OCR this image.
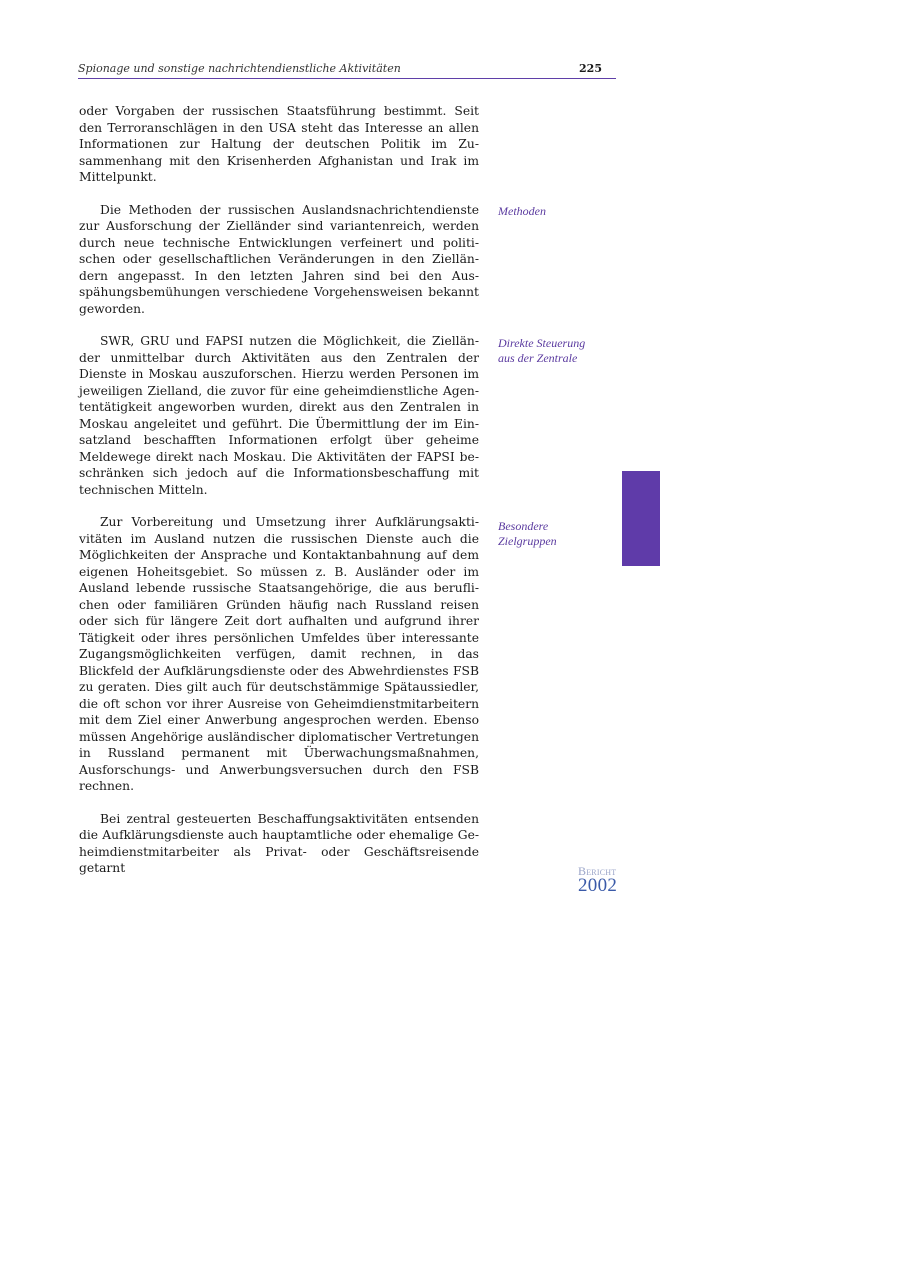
Spionage und sonstige nachrichtendienstliche Aktivitäten	225

oder Vorgaben der russischen Staatsführung bestimmt. Seit den Terroranschlägen in den USA steht das Interesse an allen Informationen zur Haltung der deutschen Politik im Zusammenhang mit den Krisenherden Afghanistan und Irak im Mittelpunkt.

Die Methoden der russischen Auslandsnachrichtendienste zur Ausforschung der Zielländer sind variantenreich, werden durch neue technische Entwicklungen verfeinert und politischen oder gesellschaftlichen Veränderungen in den Zielländern angepasst. In den letzten Jahren sind bei den Ausspähungsbemühungen verschiedene Vorgehensweisen bekannt geworden.

SWR, GRU und FAPSI nutzen die Möglichkeit, die Zielländer unmittelbar durch Aktivitäten aus den Zentralen der Dienste in Moskau auszuforschen. Hierzu werden Personen im jeweiligen Zielland, die zuvor für eine geheimdienstliche Agententätigkeit angeworben wurden, direkt aus den Zentralen in Moskau angeleitet und geführt. Die Übermittlung der im Einsatzland beschafften Informationen erfolgt über geheime Meldewege direkt nach Moskau. Die Aktivitäten der FAPSI beschränken sich jedoch auf die Informationsbeschaffung mit technischen Mitteln.

Zur Vorbereitung und Umsetzung ihrer Aufklärungsaktivitäten im Ausland nutzen die russischen Dienste auch die Möglichkeiten der Ansprache und Kontaktanbahnung auf dem eigenen Hoheitsgebiet. So müssen z. B. Ausländer oder im Ausland lebende russische Staatsangehörige, die aus beruflichen oder familiären Gründen häufig nach Russland reisen oder sich für längere Zeit dort aufhalten und aufgrund ihrer Tätigkeit oder ihres persönlichen Umfeldes über interessante Zugangsmöglichkeiten verfügen, damit rechnen, in das Blickfeld der Aufklärungsdienste oder des Abwehrdienstes FSB zu geraten. Dies gilt auch für deutschstämmige Spätaussiedler, die oft schon vor ihrer Ausreise von Geheimdienstmitarbeitern mit dem Ziel einer Anwerbung angesprochen werden. Ebenso müssen Angehörige ausländischer diplomatischer Vertretungen in Russland permanent mit Überwachungsmaßnahmen, Ausforschungs- und Anwerbungsversuchen durch den FSB rechnen.

Bei zentral gesteuerten Beschaffungsaktivitäten entsenden die Aufklärungsdienste auch hauptamtliche oder ehemalige Geheimdienstmitarbeiter als Privat- oder Geschäftsreisende getarnt

Methoden
Direkte Steuerung
aus der Zentrale
Besondere
Zielgruppen
Bericht
2002
